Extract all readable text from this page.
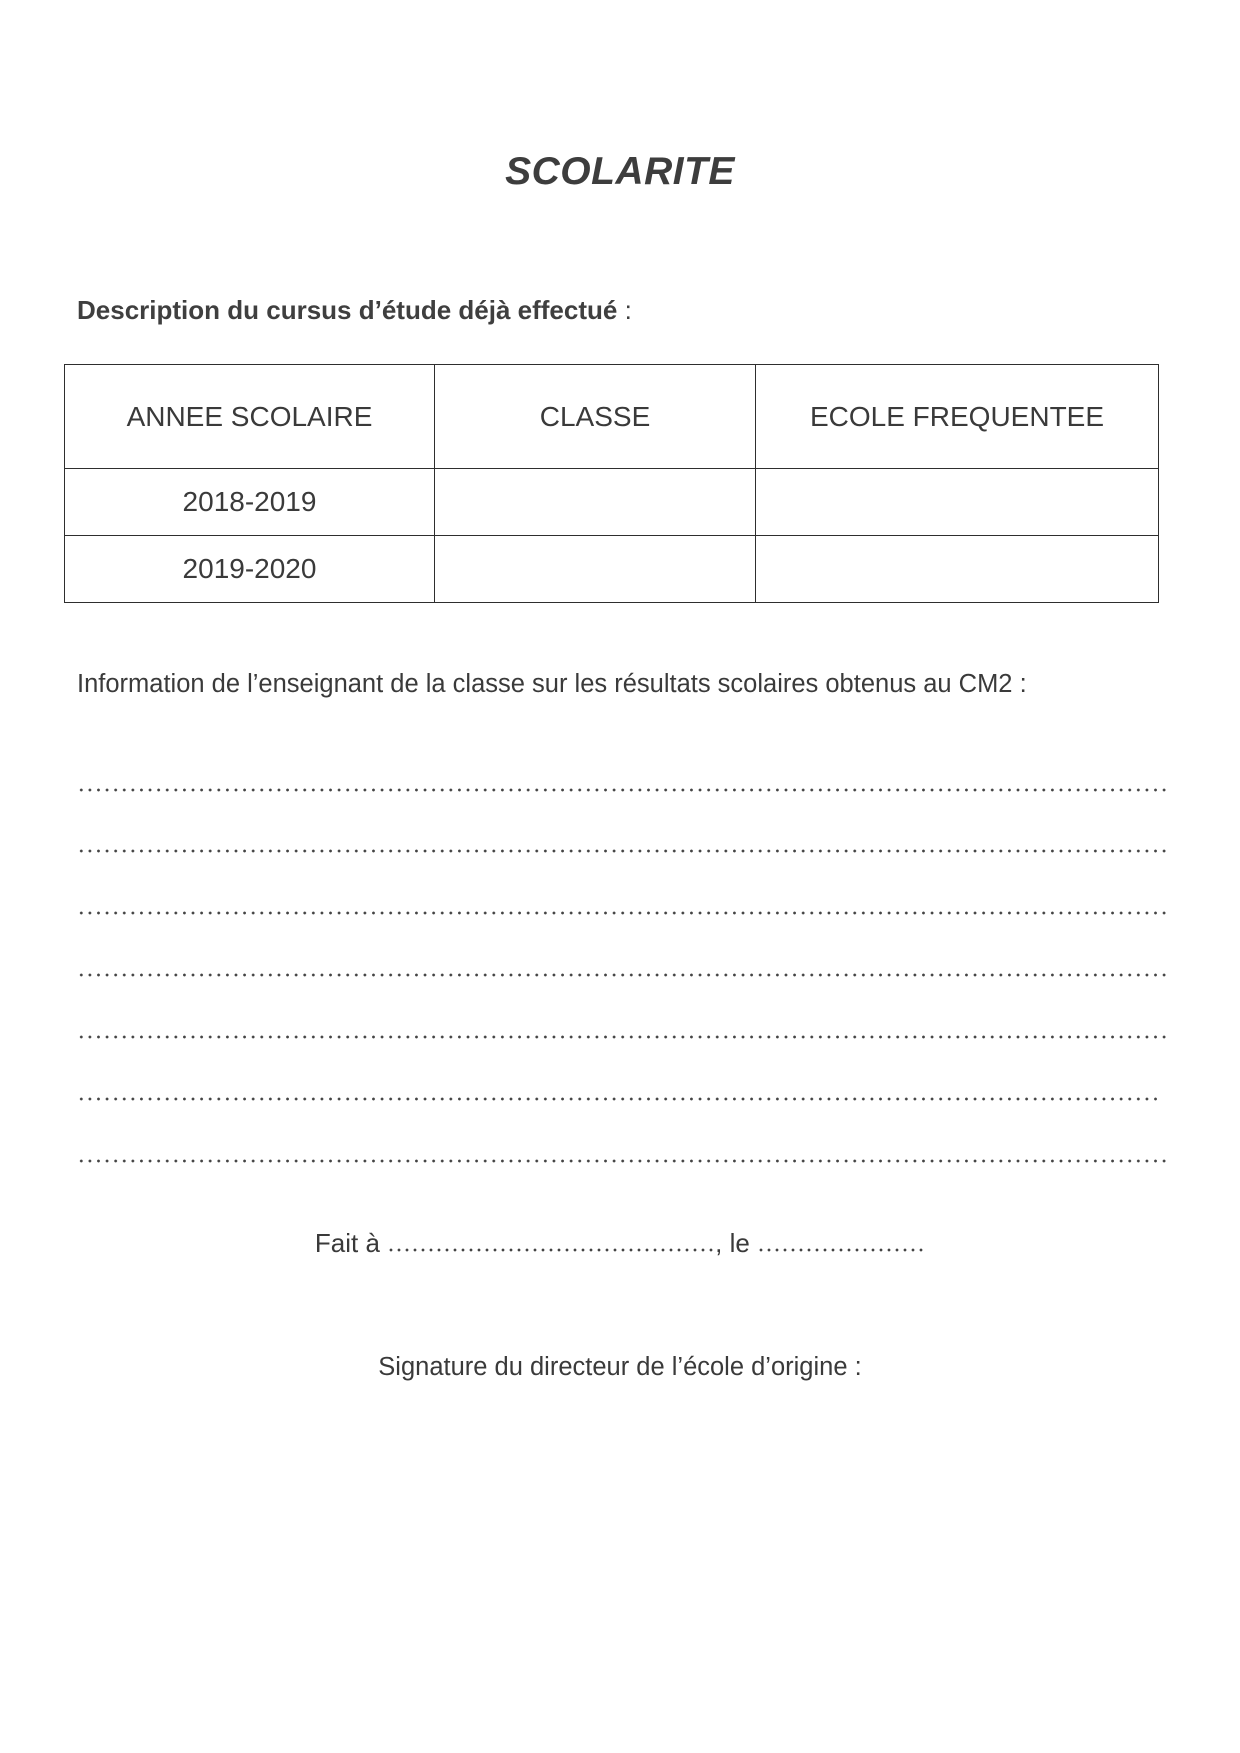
SCOLARITE
Description du cursus d’étude déjà effectué :
ANNEE SCOLAIRE	CLASSE	ECOLE FREQUENTEE
2018-2019		
2019-2020		
Information de l’enseignant de la classe sur les résultats scolaires obtenus au CM2 :
Fait à	, le
Signature du directeur de l’école d’origine :
